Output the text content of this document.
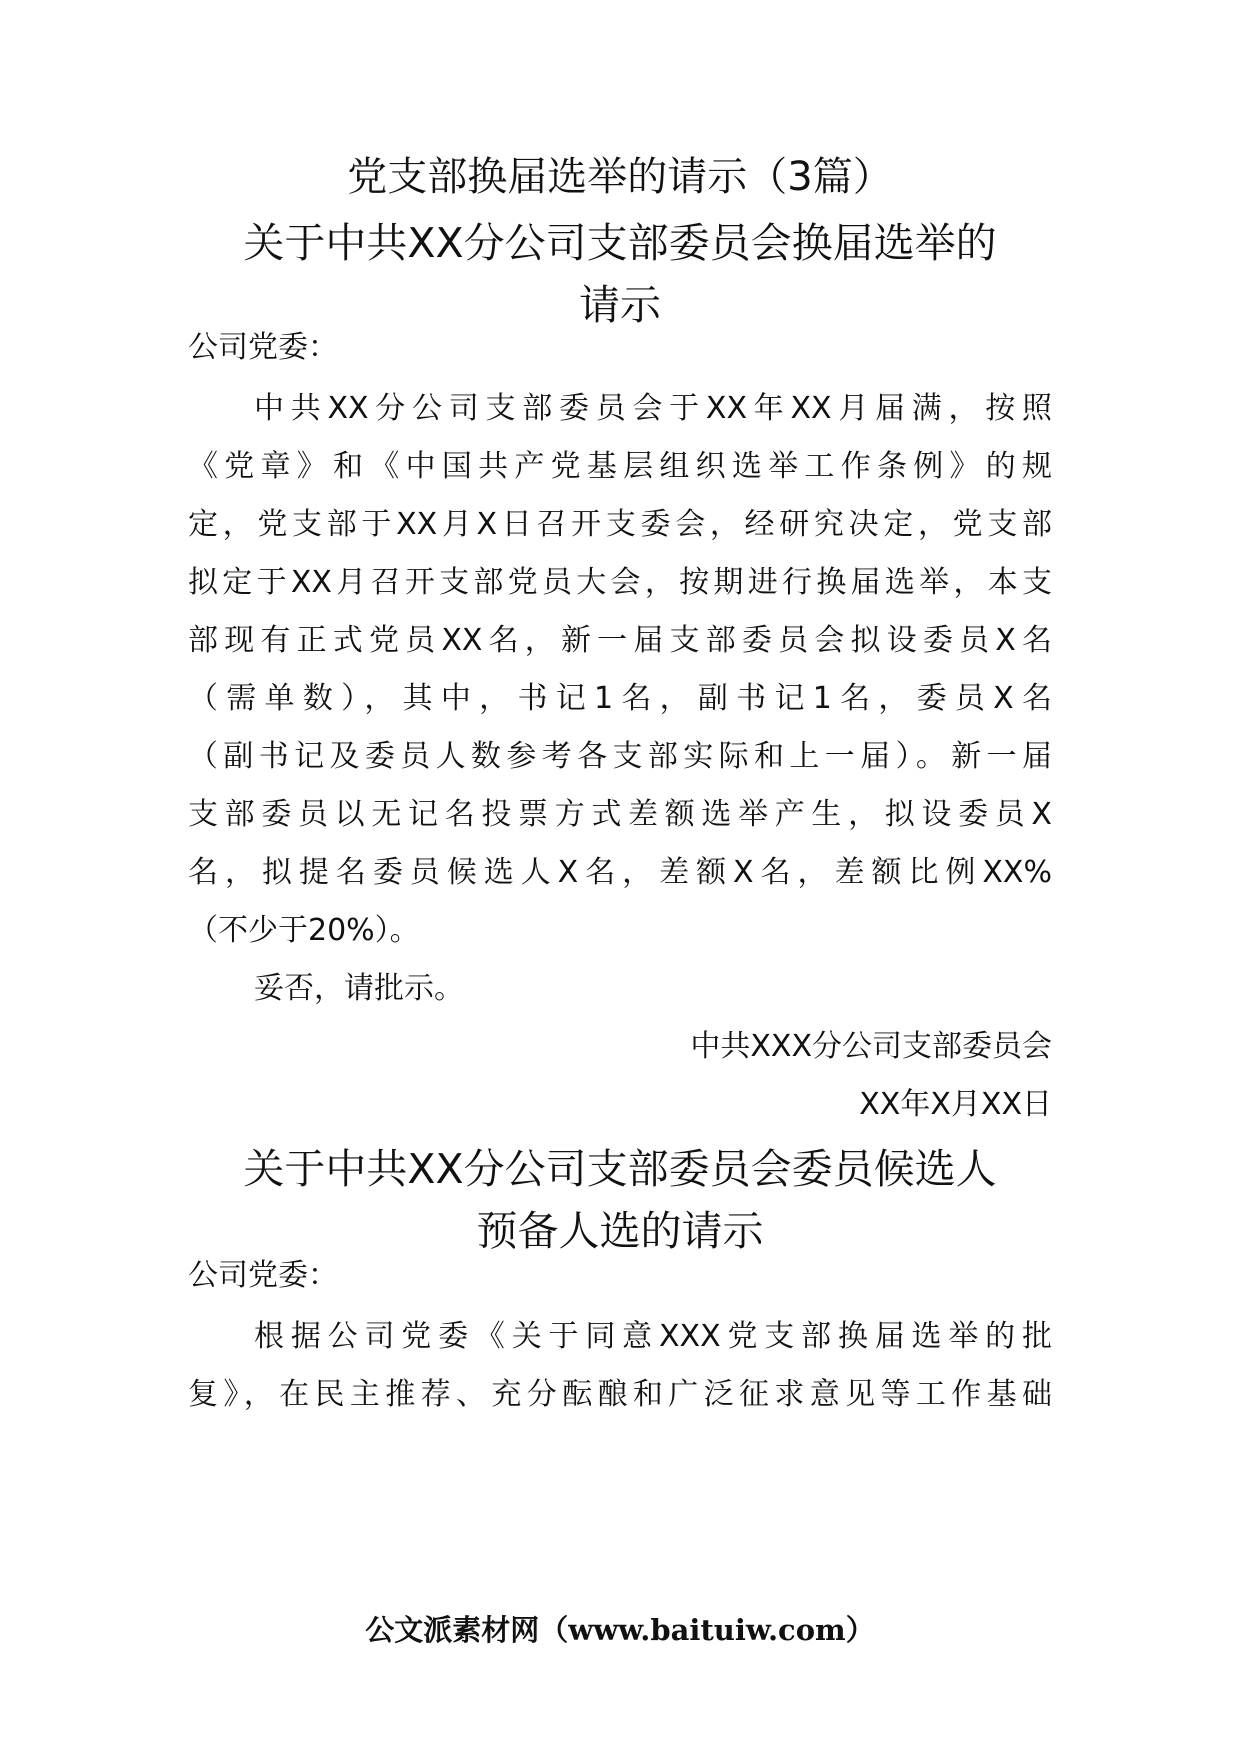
党支部换届选举的请示（3篇）
关于中共XX分公司支部委员会换届选举的
请示

公司党委：

中共XX分公司支部委员会于XX年XX月届满，按照

《党章》和《中国共产党基层组织选举工作条例》的规

定，党支部于XX月X日召开支委会，经研究决定，党支部

拟定于XX月召开支部党员大会，按期进行换届选举，本支

部现有正式党员XX名，新一届支部委员会拟设委员X名

（需单数），其中，书记1名，副书记1名，委员X名

（副书记及委员人数参考各支部实际和上一届）。新一届

支部委员以无记名投票方式差额选举产生，拟设委员X

名，拟提名委员候选人X名，差额X名，差额比例XX%

（不少于20%）。

妥否，请批示。

中共XXX分公司支部委员会

XX年X月XX日

关于中共XX分公司支部委员会委员候选人
预备人选的请示

公司党委：

根据公司党委《关于同意XXX党支部换届选举的批

复》，在民主推荐、充分酝酿和广泛征求意见等工作基础

公文派素材网（www.baituiw.com）
